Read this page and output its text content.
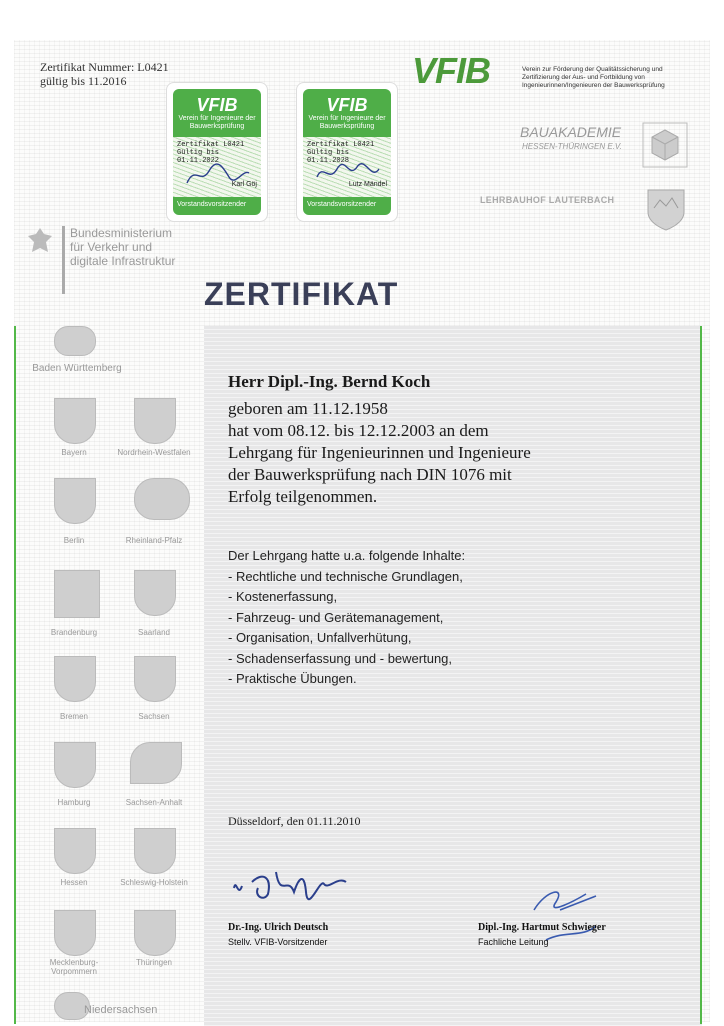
Zertifikat Nummer: L0421
gültig bis 11.2016	VFIB	Verein zur Förderung der Qualitätssicherung und Zertifizierung der Aus- und Fortbildung von Ingenieurinnen/Ingenieuren der Bauwerksprüfung
VFIB
Verein für Ingenieure der Bauwerksprüfung
Zertifikat L0421
Gültig bis 01.11.2022
Karl Göj
Vorstandsvorsitzender
VFIB
Verein für Ingenieure der Bauwerksprüfung
Zertifikat L0421
Gültig bis 01.11.2028
Lutz Mändel
Vorstandsvorsitzender
Bundesministerium
für Verkehr und
digitale Infrastruktur
BAUAKADEMIE
HESSEN-THÜRINGEN E.V.
LEHRBAUHOF LAUTERBACH
ZERTIFIKAT
Herr Dipl.-Ing. Bernd Koch
geboren am 11.12.1958
hat vom 08.12. bis 12.12.2003 an dem
Lehrgang für Ingenieurinnen und Ingenieure
der Bauwerksprüfung nach DIN 1076 mit
Erfolg teilgenommen.
Der Lehrgang hatte u.a. folgende Inhalte:
- Rechtliche und technische Grundlagen,
- Kostenerfassung,
- Fahrzeug- und Gerätemanagement,
- Organisation, Unfallverhütung,
- Schadenserfassung und - bewertung,
- Praktische Übungen.
Düsseldorf, den 01.11.2010
Dr.-Ing. Ulrich Deutsch
Stellv. VFIB-Vorsitzender
Dipl.-Ing. Hartmut Schwieger
Fachliche Leitung
Baden Württemberg
Bayern	Nordrhein-Westfalen
Berlin	Rheinland-Pfalz
Brandenburg	Saarland
Bremen	Sachsen
Hamburg	Sachsen-Anhalt
Hessen	Schleswig-Holstein
Mecklenburg-Vorpommern
Thüringen
Niedersachsen
